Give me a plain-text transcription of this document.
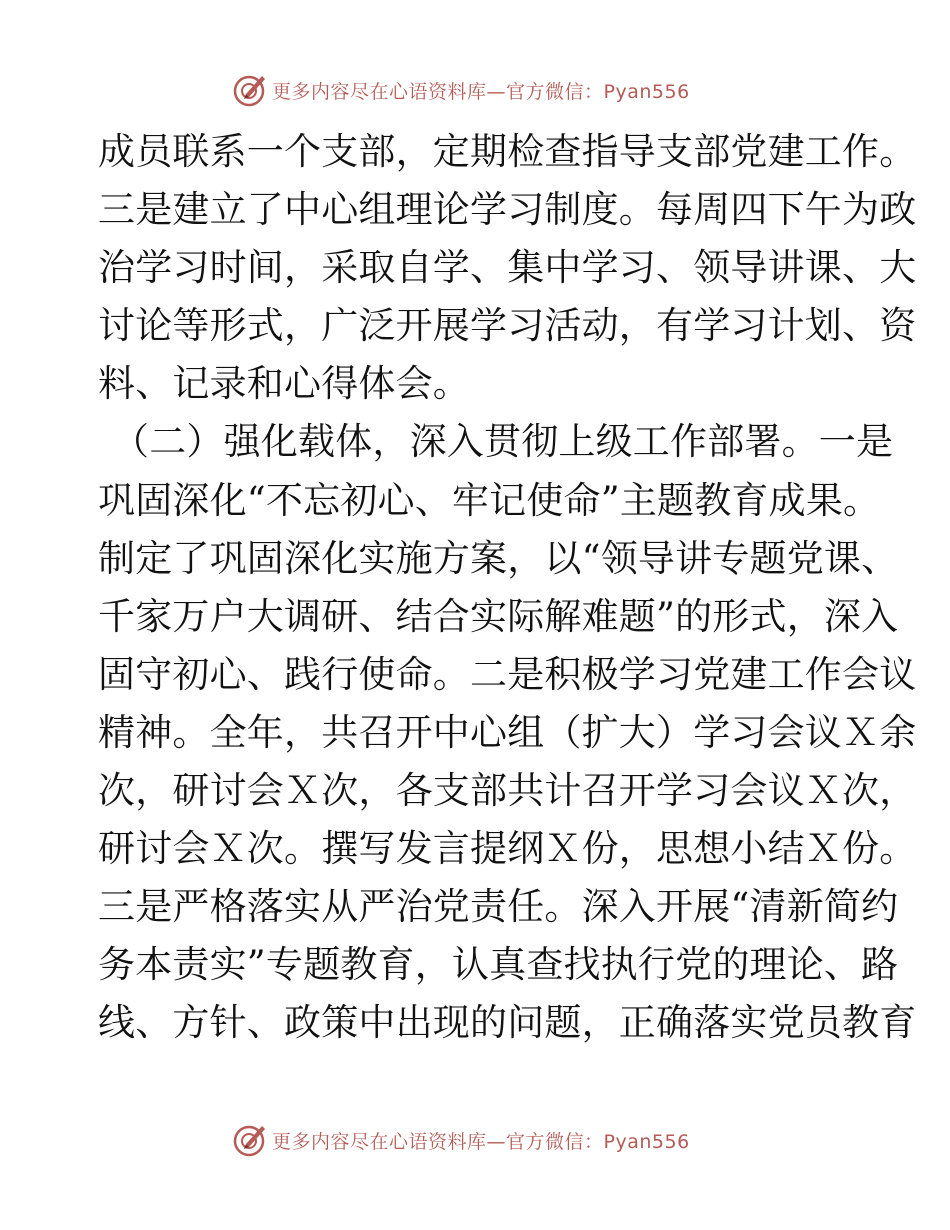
更多内容尽在心语资料库—官方微信：Pyan556
成员联系一个支部，定期检查指导支部党建工作。
三是建立了中心组理论学习制度。每周四下午为政
治学习时间，采取自学、集中学习、领导讲课、大
讨论等形式，广泛开展学习活动，有学习计划、资
料、记录和心得体会。
（二）强化载体，深入贯彻上级工作部署。一是
巩固深化“不忘初心、牢记使命”主题教育成果。
制定了巩固深化实施方案，以“领导讲专题党课、
千家万户大调研、结合实际解难题”的形式，深入
固守初心、践行使命。二是积极学习党建工作会议
精神。全年，共召开中心组（扩大）学习会议Ｘ余
次，研讨会Ｘ次，各支部共计召开学习会议Ｘ次，
研讨会Ｘ次。撰写发言提纲Ｘ份，思想小结Ｘ份。
三是严格落实从严治党责任。深入开展“清新简约
务本责实”专题教育，认真查找执行党的理论、路
线、方针、政策中出现的问题，正确落实党员教育
更多内容尽在心语资料库—官方微信：Pyan556
